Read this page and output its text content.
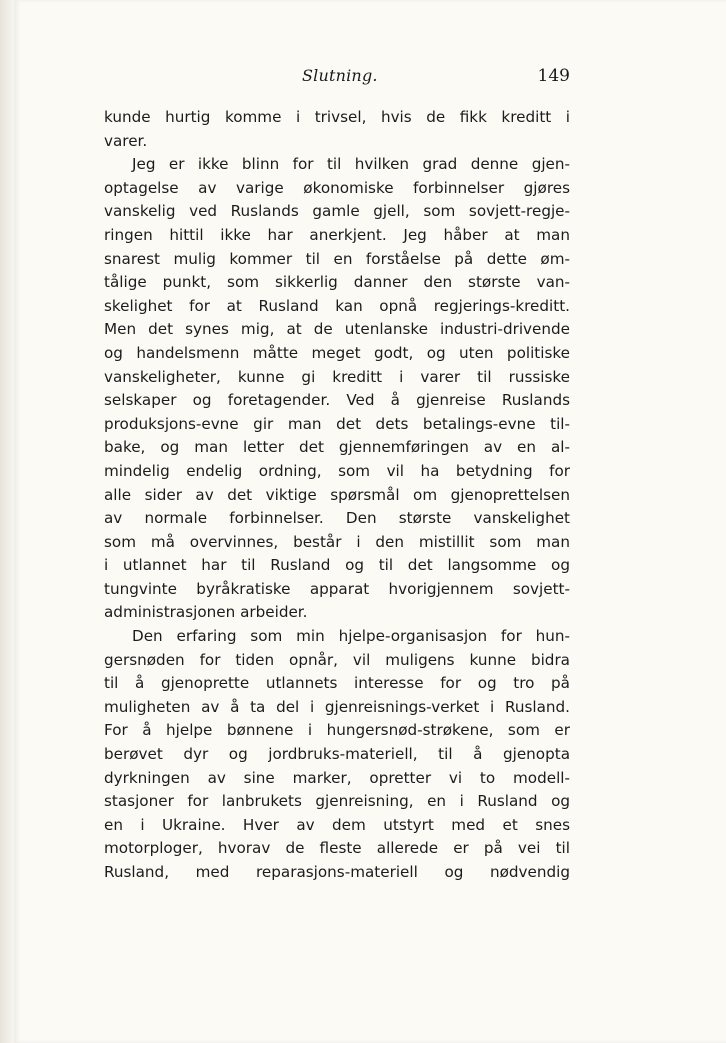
Slutning.	149
kunde hurtig komme i trivsel, hvis de fikk kreditt i
varer.
Jeg er ikke blinn for til hvilken grad denne gjen-
optagelse av varige økonomiske forbinnelser gjøres
vanskelig ved Ruslands gamle gjell, som sovjett-regje-
ringen hittil ikke har anerkjent. Jeg håber at man
snarest mulig kommer til en forståelse på dette øm-
tålige punkt, som sikkerlig danner den største van-
skelighet for at Rusland kan opnå regjerings-kreditt.
Men det synes mig, at de utenlanske industri-drivende
og handelsmenn måtte meget godt, og uten politiske
vanskeligheter, kunne gi kreditt i varer til russiske
selskaper og foretagender. Ved å gjenreise Ruslands
produksjons-evne gir man det dets betalings-evne til-
bake, og man letter det gjennemføringen av en al-
mindelig endelig ordning, som vil ha betydning for
alle sider av det viktige spørsmål om gjenoprettelsen
av normale forbinnelser. Den største vanskelighet
som må overvinnes, består i den mistillit som man
i utlannet har til Rusland og til det langsomme og
tungvinte byråkratiske apparat hvorigjennem sovjett-
administrasjonen arbeider.
Den erfaring som min hjelpe-organisasjon for hun-
gersnøden for tiden opnår, vil muligens kunne bidra
til å gjenoprette utlannets interesse for og tro på
muligheten av å ta del i gjenreisnings-verket i Rusland.
For å hjelpe bønnene i hungersnød-strøkene, som er
berøvet dyr og jordbruks-materiell, til å gjenopta
dyrkningen av sine marker, opretter vi to modell-
stasjoner for lanbrukets gjenreisning, en i Rusland og
en i Ukraine. Hver av dem utstyrt med et snes
motorploger, hvorav de fleste allerede er på vei til
Rusland, med reparasjons-materiell og nødvendig
